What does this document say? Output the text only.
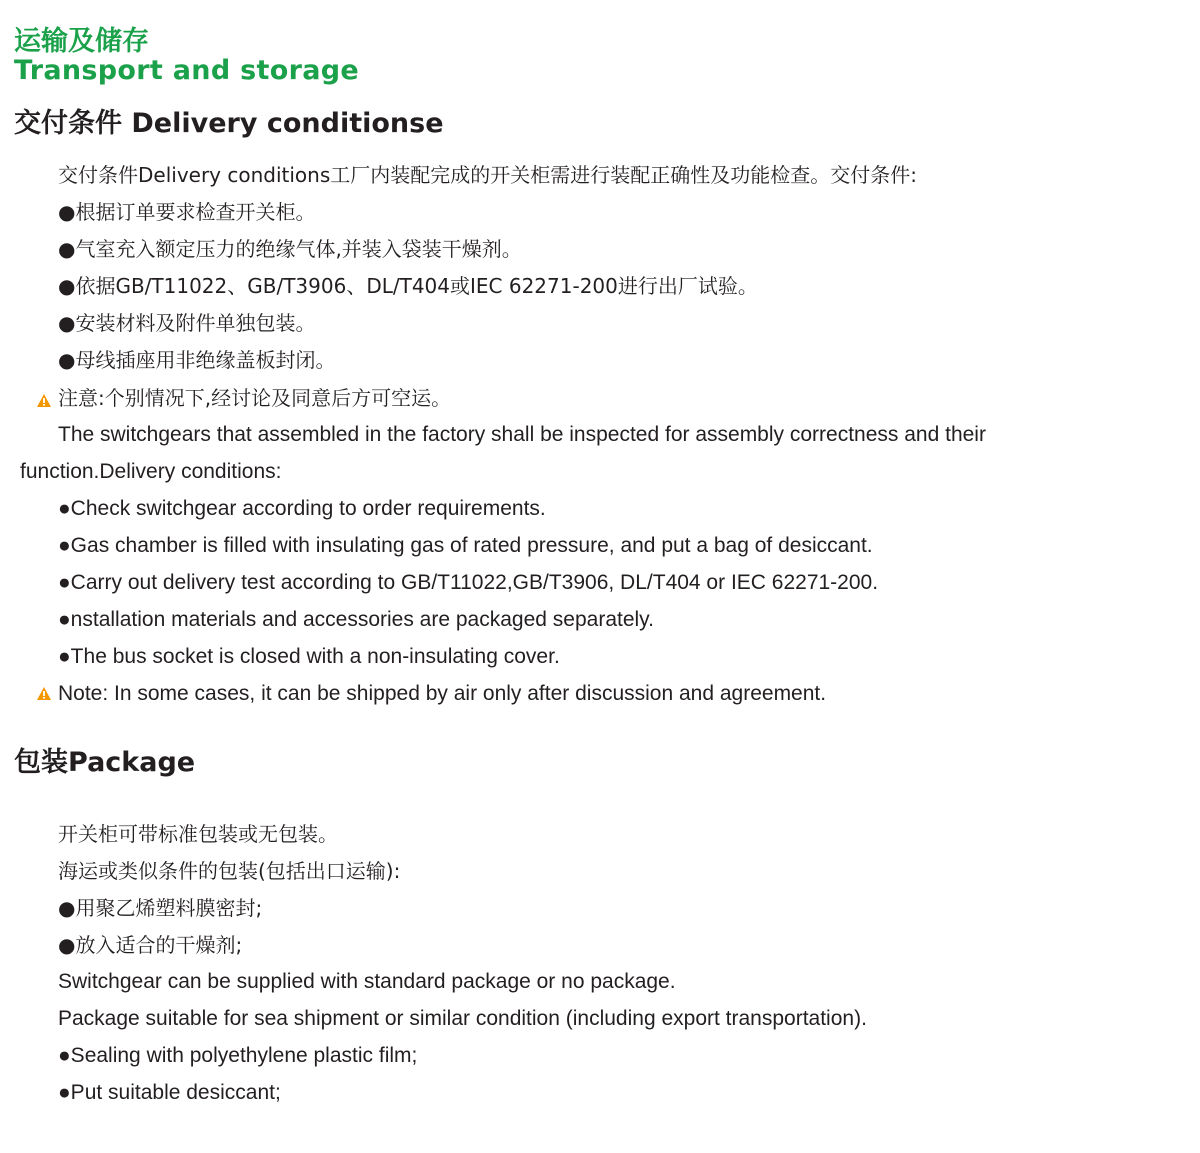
运输及储存
Transport and storage
交付条件 Delivery conditionse
交付条件Delivery conditions工厂内装配完成的开关柜需进行装配正确性及功能检查。交付条件:
●根据订单要求检查开关柜。
●气室充入额定压力的绝缘气体,并装入袋装干燥剂。
●依据GB/T11022、GB/T3906、DL/T404或IEC 62271-200进行出厂试验。
●安装材料及附件单独包装。
●母线插座用非绝缘盖板封闭。
注意:个别情况下,经讨论及同意后方可空运。
The switchgears that assembled in the factory shall be inspected for assembly correctness and their
function.Delivery conditions:
●Check switchgear according to order requirements.
●Gas chamber is filled with insulating gas of rated pressure, and put a bag of desiccant.
●Carry out delivery test according to GB/T11022,GB/T3906, DL/T404 or IEC 62271-200.
●nstallation materials and accessories are packaged separately.
●The bus socket is closed with a non-insulating cover.
Note: In some cases, it can be shipped by air only after discussion and agreement.
包装Package
开关柜可带标准包装或无包装。
海运或类似条件的包装(包括出口运输):
●用聚乙烯塑料膜密封;
●放入适合的干燥剂;
Switchgear can be supplied with standard package or no package.
Package suitable for sea shipment or similar condition (including export transportation).
●Sealing with polyethylene plastic film;
●Put suitable desiccant;
